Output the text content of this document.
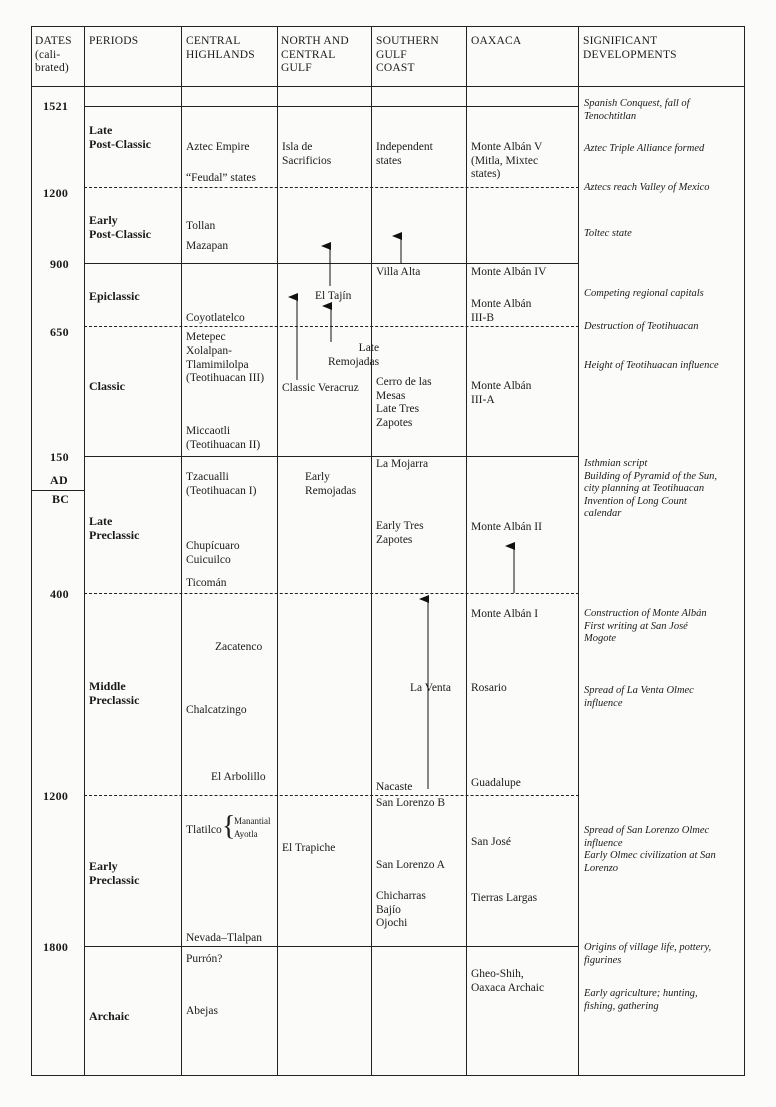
DATES
(cali-
brated)
PERIODS	CENTRAL
HIGHLANDS
NORTH AND
CENTRAL
GULF
SOUTHERN
GULF
COAST
OAXACA	SIGNIFICANT
DEVELOPMENTS
1521
1200
900
650
150
AD
BC
400
1200
1800
Late
Post-Classic
Early
Post-Classic
Epiclassic
Classic
Late
Preclassic
Middle
Preclassic
Early
Preclassic
Archaic
Aztec Empire
“Feudal” states
Tollan
Mazapan
Coyotlatelco
Metepec
Xolalpan-
Tlamimilolpa
(Teotihuacan III)
Miccaotli
(Teotihuacan II)
Tzacualli
(Teotihuacan I)
Chupícuaro
Cuicuilco
Ticomán
Zacatenco
Chalcatzingo
El Arbolillo
Tlatilco {
Manantial
Ayotla
Nevada–Tlalpan
Purrón?
Abejas
Isla de
Sacrificios
El Tajín
Late
Remojadas
Classic Veracruz
Early
Remojadas
El Trapiche
Independent
states
Villa Alta
Cerro de las
Mesas
Late Tres
Zapotes
La Mojarra
Early Tres
Zapotes
La Venta
Nacaste
San Lorenzo B
San Lorenzo A
Chicharras
Bajío
Ojochi
Monte Albán V
(Mitla, Mixtec
states)
Monte Albán IV
Monte Albán
III-B
Monte Albán
III-A
Monte Albán II
Monte Albán I
Rosario
Guadalupe
San José
Tierras Largas
Gheo-Shih,
Oaxaca Archaic
Spanish Conquest, fall of
Tenochtitlan
Aztec Triple Alliance formed
Aztecs reach Valley of Mexico
Toltec state
Competing regional capitals
Destruction of Teotihuacan
Height of Teotihuacan influence
Isthmian script
Building of Pyramid of the Sun,
city planning at Teotihuacan
Invention of Long Count
calendar
Construction of Monte Albán
First writing at San José
Mogote
Spread of La Venta Olmec
influence
Spread of San Lorenzo Olmec
influence
Early Olmec civilization at San
Lorenzo
Origins of village life, pottery,
figurines
Early agriculture; hunting,
fishing, gathering
